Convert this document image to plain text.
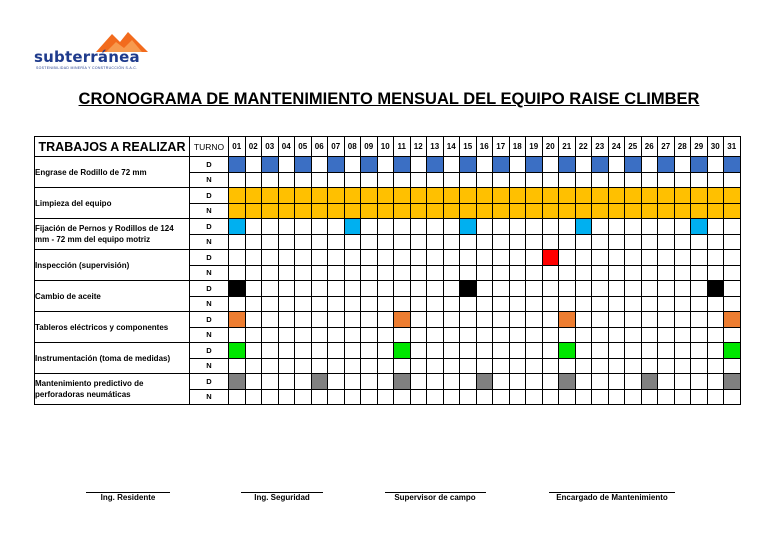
subterránea
SOSTENIBILIDAD MINERÍA Y CONSTRUCCIÓN S.A.C.
CRONOGRAMA DE MANTENIMIENTO MENSUAL DEL EQUIPO RAISE CLIMBER
TRABAJOS A REALIZAR	TURNO	01	02	03	04	05	06	07	08	09	10	11	12	13	14	15	16	17	18	19	20	21	22	23	24	25	26	27	28	29	30	31
Engrase de Rodillo de 72 mm	D																															
	N																															
Limpieza del equipo	D																															
	N																															
Fijación de Pernos y Rodillos de 124 mm - 72 mm del equipo motriz	D																															
	N																															
Inspección (supervisión)	D																															
	N																															
Cambio de aceite	D																															
	N																															
Tableros eléctricos y componentes	D																															
	N																															
Instrumentación (toma de medidas)	D																															
	N																															
Mantenimiento predictivo de perforadoras neumáticas	D																															
	N																															
Ing. Residente	Ing. Seguridad	Supervisor de campo	Encargado de Mantenimiento
